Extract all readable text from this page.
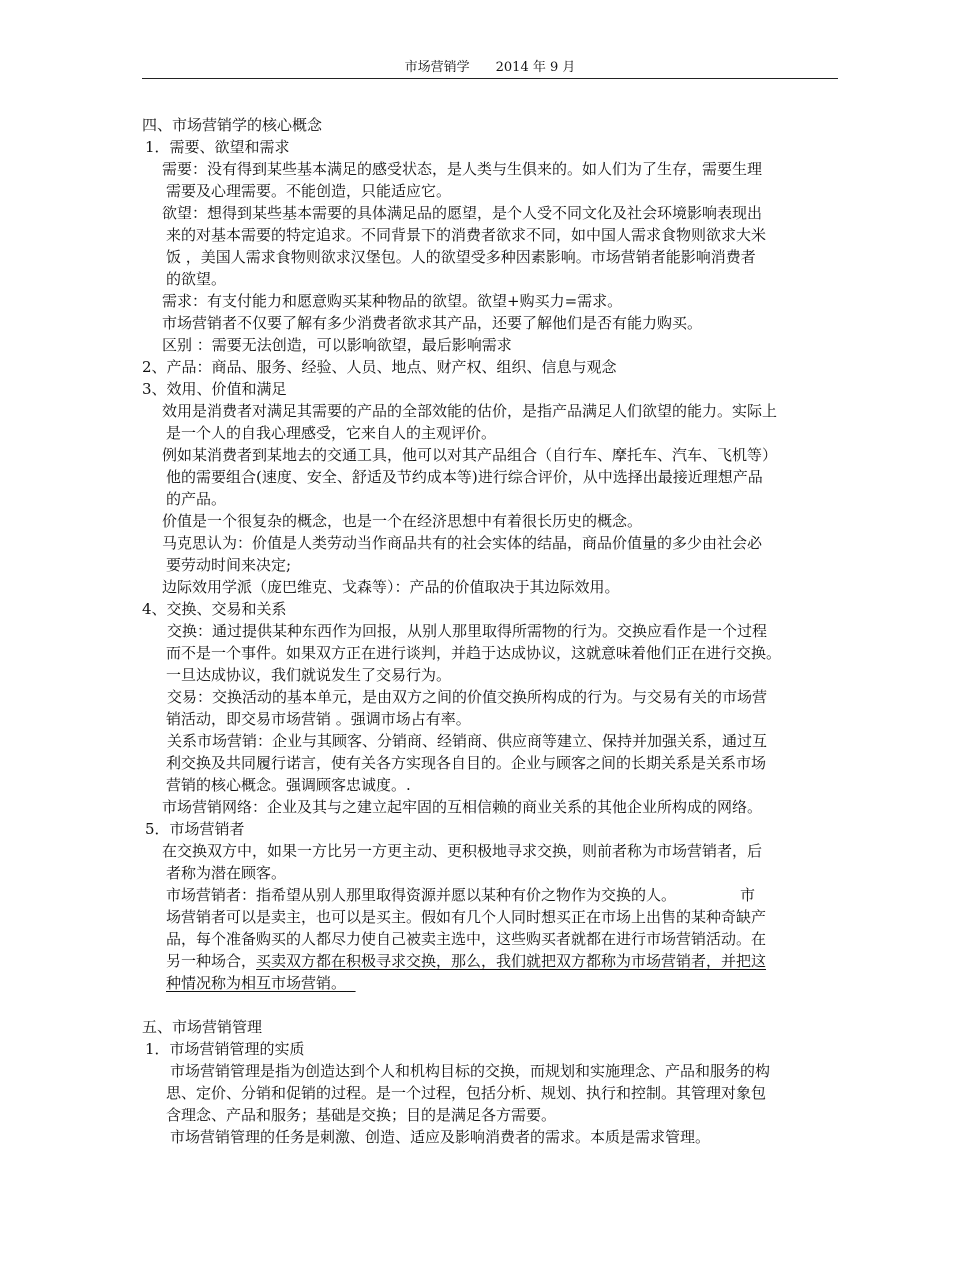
市场营销学 2014 年 9 月
四、市场营销学的核心概念
1．需要、欲望和需求
需要：没有得到某些基本满足的感受状态，是人类与生俱来的。如人们为了生存，需要生理
需要及心理需要。不能创造，只能适应它。
欲望：想得到某些基本需要的具体满足品的愿望，是个人受不同文化及社会环境影响表现出
来的对基本需要的特定追求。不同背景下的消费者欲求不同，如中国人需求食物则欲求大米
饭 ，美国人需求食物则欲求汉堡包。人的欲望受多种因素影响。市场营销者能影响消费者
的欲望。
需求：有支付能力和愿意购买某种物品的欲望。欲望+购买力=需求。
市场营销者不仅要了解有多少消费者欲求其产品，还要了解他们是否有能力购买。
区别 ：需要无法创造，可以影响欲望，最后影响需求
2、产品：商品、服务、经验、人员、地点、财产权、组织、信息与观念
3、效用、价值和满足
效用是消费者对满足其需要的产品的全部效能的估价，是指产品满足人们欲望的能力。实际上
是一个人的自我心理感受，它来自人的主观评价。
例如某消费者到某地去的交通工具，他可以对其产品组合（自行车、摩托车、汽车、飞机等）
他的需要组合(速度、安全、舒适及节约成本等)进行综合评价，从中选择出最接近理想产品
的产品。
价值是一个很复杂的概念，也是一个在经济思想中有着很长历史的概念。
马克思认为：价值是人类劳动当作商品共有的社会实体的结晶，商品价值量的多少由社会必
要劳动时间来决定;
边际效用学派（庞巴维克、戈森等）：产品的价值取决于其边际效用。
4、交换、交易和关系
交换：通过提供某种东西作为回报，从别人那里取得所需物的行为。交换应看作是一个过程
而不是一个事件。如果双方正在进行谈判，并趋于达成协议，这就意味着他们正在进行交换。
一旦达成协议，我们就说发生了交易行为。
交易：交换活动的基本单元，是由双方之间的价值交换所构成的行为。与交易有关的市场营
销活动，即交易市场营销 。强调市场占有率。
关系市场营销：企业与其顾客、分销商、经销商、供应商等建立、保持并加强关系，通过互
利交换及共同履行诺言，使有关各方实现各自目的。企业与顾客之间的长期关系是关系市场
营销的核心概念。强调顾客忠诚度。.
市场营销网络：企业及其与之建立起牢固的互相信赖的商业关系的其他企业所构成的网络。
5．市场营销者
在交换双方中，如果一方比另一方更主动、更积极地寻求交换，则前者称为市场营销者，后
者称为潜在顾客。
市场营销者：指希望从别人那里取得资源并愿以某种有价之物作为交换的人。	市
场营销者可以是卖主，也可以是买主。假如有几个人同时想买正在市场上出售的某种奇缺产
品，每个准备购买的人都尽力使自己被卖主选中，这些购买者就都在进行市场营销活动。在
另一种场合，买卖双方都在积极寻求交换，那么，我们就把双方都称为市场营销者，并把这
种情况称为相互市场营销。
五、市场营销管理
1．市场营销管理的实质
市场营销管理是指为创造达到个人和机构目标的交换，而规划和实施理念、产品和服务的构
思、定价、分销和促销的过程。是一个过程，包括分析、规划、执行和控制。其管理对象包
含理念、产品和服务；基础是交换；目的是满足各方需要。
市场营销管理的任务是刺激、创造、适应及影响消费者的需求。本质是需求管理。
